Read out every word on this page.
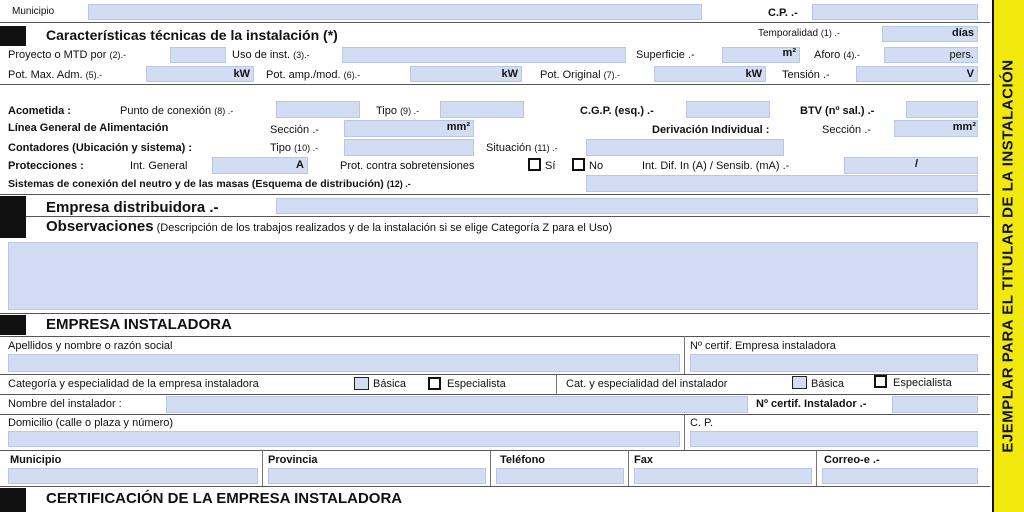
Municipio	C.P. .-
Características técnicas de la instalación (*)	Temporalidad (1) .-	días
Proyecto o MTD por (2).-	Uso de inst. (3).-	Superficie .-	m² Aforo (4).-	pers.
Pot. Max. Adm. (5).-	kW Pot. amp./mod. (6).-	kW Pot. Original (7).-	kW Tensión .-	V
Acometida :	Punto de conexión (8) .-	Tipo (9) .-	C.G.P. (esq.) .-	BTV (nº sal.) .-
Línea General de Alimentación	Sección .-	mm²	Derivación Individual :	Sección .-	mm²
Contadores (Ubicación y sistema) :	Tipo (10) .-	Situación (11) .-
Protecciones :	Int. General	A	Prot. contra sobretensiones	Sí	No	Int. Dif. In (A) / Sensib. (mA) .-	/
Sistemas de conexión del neutro y de las masas (Esquema de distribución) (12) .-
Empresa distribuidora .-
Observaciones (Descripción de los trabajos realizados y de la instalación si se elige Categoría Z para el Uso)
EMPRESA INSTALADORA
Apellidos y nombre o razón social	Nº certif. Empresa instaladora
Categoría y especialidad de la empresa instaladora	Básica	Especialista	Cat. y especialidad del instalador	Básica	Especialista
Nombre del instalador :	Nº certif. Instalador .-
Domicilio (calle o plaza y número)	C. P.
Municipio	Provincia	Teléfono	Fax	Correo-e .-
CERTIFICACIÓN DE LA EMPRESA INSTALADORA
EJEMPLAR PARA EL TITULAR DE LA INSTALACIÓN
